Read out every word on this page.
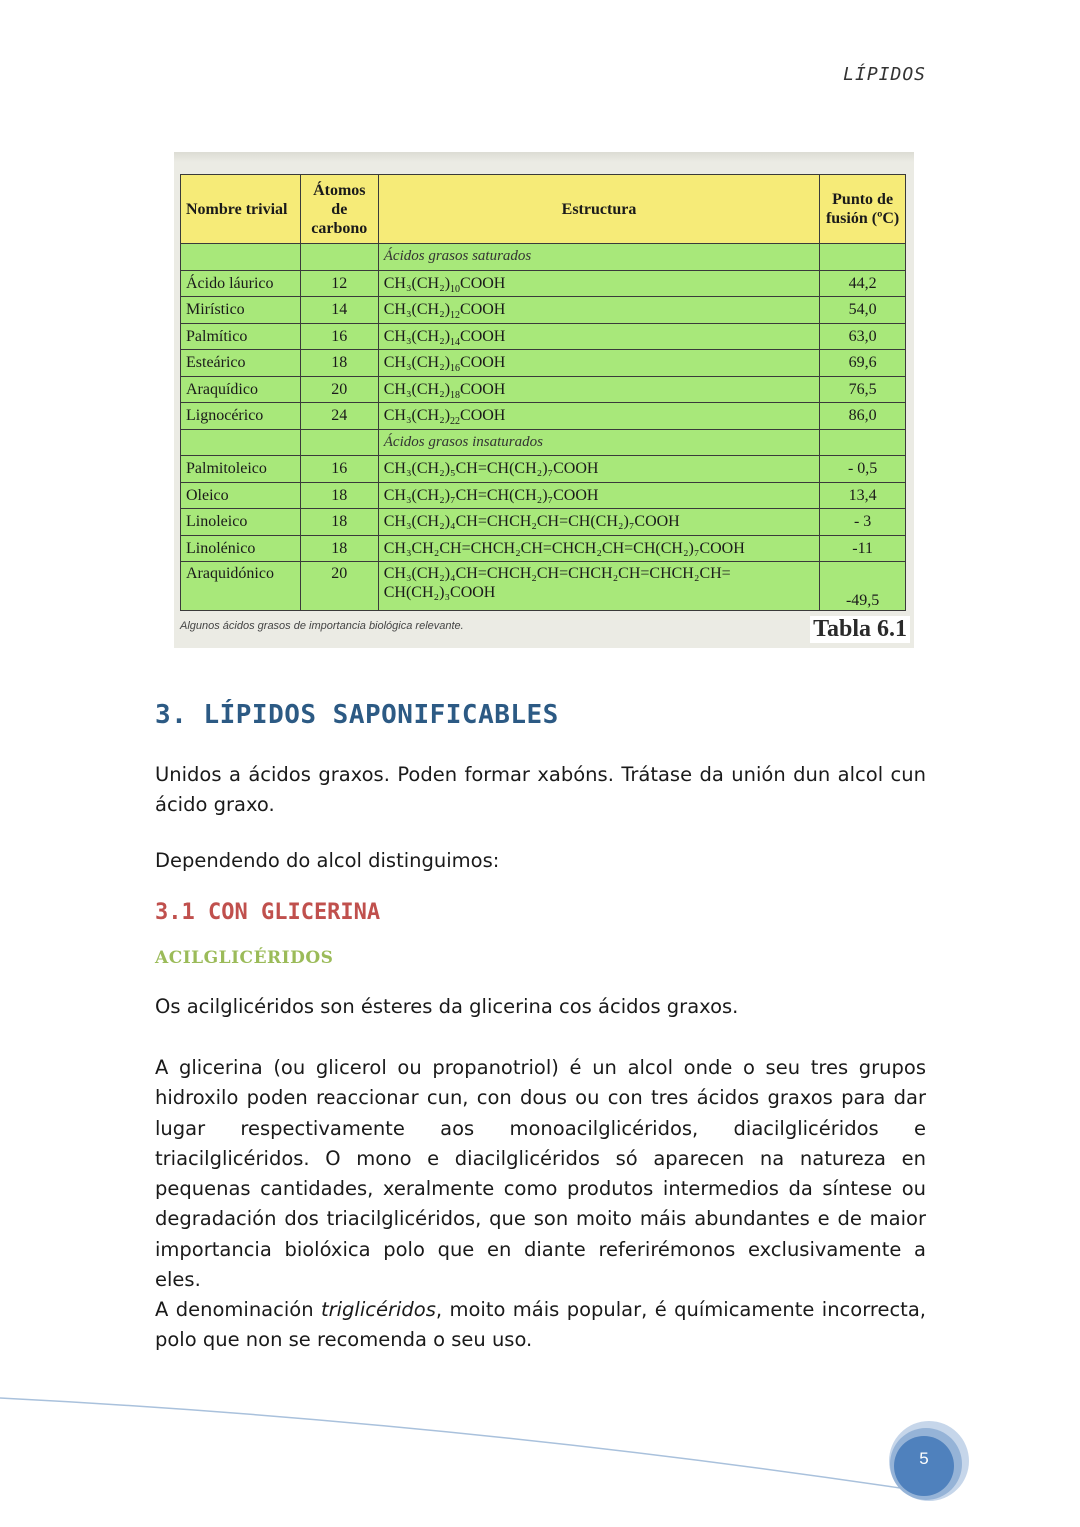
LÍPIDOS
Nombre trivial	Átomos de carbono	Estructura	Punto de fusión (ºC)
		Ácidos grasos saturados	
Ácido láurico	12	$CH_3(CH_2)_{10}COOH$	44,2
Mirístico	14	$CH_3(CH_2)_{12}COOH$	54,0
Palmítico	16	$CH_3(CH_2)_{14}COOH$	63,0
Esteárico	18	$CH_3(CH_2)_{16}COOH$	69,6
Araquídico	20	$CH_3(CH_2)_{18}COOH$	76,5
Lignocérico	24	$CH_3(CH_2)_{22}COOH$	86,0
		Ácidos grasos insaturados	
Palmitoleico	16	CH₃(CH₂)₅CH=CH(CH₂)₇COOH	- 0,5
Oleico	18	CH₃(CH₂)₇CH=CH(CH₂)₇COOH	13,4
Linoleico	18	CH₃(CH₂)₄CH=CHCH₂CH=CH(CH₂)₇COOH	- 3
Linolénico	18	CH₃CH₂CH=CHCH₂CH=CHCH₂CH=CH(CH₂)₇COOH	-11
Araquidónico	20	CH₃(CH₂)₄CH=CHCH₂CH=CHCH₂CH=CHCH₂CH=
CH(CH₂)₃COOH	-49,5
Algunos ácidos grasos de importancia biológica relevante.	Tabla 6.1
3. LÍPIDOS SAPONIFICABLES

Unidos a ácidos graxos. Poden formar xabóns. Trátase da unión dun alcol cun ácido graxo.

Dependendo do alcol distinguimos:

3.1 CON GLICERINA
ACILGLICÉRIDOS

Os acilglicéridos son ésteres da glicerina cos ácidos graxos.

A glicerina (ou glicerol ou propanotriol) é un alcol onde o seu tres grupos hidroxilo poden reaccionar cun, con dous ou con tres ácidos graxos para dar lugar respectivamente aos monoacilglicéridos, diacilglicéridos e triacilglicéridos. O mono e diacilglicéridos só aparecen na natureza en pequenas cantidades, xeralmente como produtos intermedios da síntese ou degradación dos triacilglicéridos, que son moito máis abundantes e de maior importancia biolóxica polo que en diante referirémonos exclusivamente a eles.

A denominación triglicéridos, moito máis popular, é químicamente incorrecta, polo que non se recomenda o seu uso.

5
